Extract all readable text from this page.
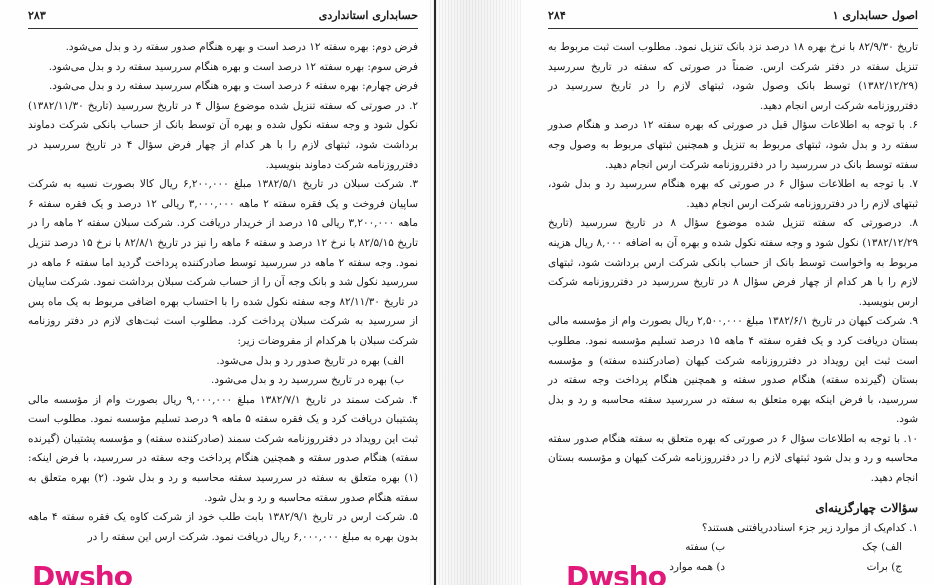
حسابداری استانداردی
۲۸۳

فرض دوم: بهره سفته ۱۲ درصد است و بهره هنگام صدور سفته رد و بدل می‌شود.

فرض سوم: بهره سفته ۱۲ درصد است و بهره هنگام سررسید سفته رد و بدل می‌شود.

فرض چهارم: بهره سفته ۶ درصد است و بهره هنگام سررسید سفته رد و بدل می‌شود.

۲. در صورتی که سفته تنزیل شده موضوع سؤال ۴ در تاریخ سررسید (تاریخ ۱۳۸۲/۱۱/۳۰) نکول شود و وجه سفته نکول شده و بهره آن توسط بانک از حساب بانکی شرکت دماوند برداشت شود، ثبتهای لازم را با هر کدام از چهار فرض سؤال ۴ در تاریخ سررسید در دفترروزنامه شرکت دماوند بنویسید.

۳. شرکت سبلان در تاریخ ۱۳۸۲/۵/۱ مبلغ ۶,۲۰۰,۰۰۰ ریال کالا بصورت نسیه به شرکت ساپیان فروخت و یک فقره سفته ۲ ماهه ۳,۰۰۰,۰۰۰ ریالی ۱۲ درصد و یک فقره سفته ۶ ماهه ۳,۲۰۰,۰۰۰ ریالی ۱۵ درصد از خریدار دریافت کرد. شرکت سبلان سفته ۲ ماهه را در تاریخ ۸۲/۵/۱۵ با نرخ ۱۲ درصد و سفته ۶ ماهه را نیز در تاریخ ۸۲/۸/۱ با نرخ ۱۵ درصد تنزیل نمود. وجه سفته ۲ ماهه در سررسید توسط صادرکننده پرداخت گردید اما سفته ۶ ماهه در سررسید نکول شد و بانک وجه آن را از حساب شرکت سبلان برداشت نمود. شرکت ساپیان در تاریخ ۸۲/۱۱/۳۰ وجه سفته نکول شده را با احتساب بهره اضافی مربوط به یک ماه پس از سررسید به شرکت سبلان پرداخت کرد. مطلوب است ثبت‌های لازم در دفتر روزنامه شرکت سبلان با هرکدام از مفروضات زیر:

الف) بهره در تاریخ صدور رد و بدل می‌شود.

ب) بهره در تاریخ سررسید رد و بدل می‌شود.

۴. شرکت سمند در تاریخ ۱۳۸۲/۷/۱ مبلغ ۹,۰۰۰,۰۰۰ ریال بصورت وام از مؤسسه مالی پشتیبان دریافت کرد و یک فقره سفته ۵ ماهه ۹ درصد تسلیم مؤسسه نمود. مطلوب است ثبت این رویداد در دفترروزنامه شرکت سمند (صادرکننده سفته) و مؤسسه پشتیبان (گیرنده سفته) هنگام صدور سفته و همچنین هنگام پرداخت وجه سفته در سررسید، با فرض اینکه: (۱) بهره متعلق به سفته در سررسید سفته محاسبه و رد و بدل شود. (۲) بهره متعلق به سفته هنگام صدور سفته محاسبه و رد و بدل شود.

۵. شرکت ارس در تاریخ ۱۳۸۲/۹/۱ بابت طلب خود از شرکت کاوه یک فقره سفته ۴ ماهه بدون بهره به مبلغ ۶,۰۰۰,۰۰۰ ریال دریافت نمود. شرکت ارس این سفته را در

Dwsho
اصول حسابداری ۱
۲۸۴

تاریخ ۸۲/۹/۳۰ با نرخ بهره ۱۸ درصد نزد بانک تنزیل نمود. مطلوب است ثبت مربوط به تنزیل سفته در دفتر شرکت ارس. ضمناً در صورتی که سفته در تاریخ سررسید (۱۳۸۲/۱۲/۲۹) توسط بانک وصول شود، ثبتهای لازم را در تاریخ سررسید در دفترروزنامه شرکت ارس انجام دهید.

۶. با توجه به اطلاعات سؤال قبل در صورتی که بهره سفته ۱۲ درصد و هنگام صدور سفته رد و بدل شود، ثبتهای مربوط به تنزیل و همچنین ثبتهای مربوط به وصول وجه سفته توسط بانک در سررسید را در دفترروزنامه شرکت ارس انجام دهید.

۷. با توجه به اطلاعات سؤال ۶ در صورتی که بهره هنگام سررسید رد و بدل شود، ثبتهای لازم را در دفترروزنامه شرکت ارس انجام دهید.

۸. درصورتی که سفته تنزیل شده موضوع سؤال ۸ در تاریخ سررسید (تاریخ ۱۳۸۲/۱۲/۲۹) نکول شود و وجه سفته نکول شده و بهره آن به اضافه ۸,۰۰۰ ریال هزینه مربوط به واخواست توسط بانک از حساب بانکی شرکت ارس برداشت شود، ثبتهای لازم را با هر کدام از چهار فرض سؤال ۸ در تاریخ سررسید در دفترروزنامه شرکت ارس بنویسید.

۹. شرکت کیهان در تاریخ ۱۳۸۲/۶/۱ مبلغ ۲,۵۰۰,۰۰۰ ریال بصورت وام از مؤسسه مالی بستان دریافت کرد و یک فقره سفته ۴ ماهه ۱۵ درصد تسلیم مؤسسه نمود. مطلوب است ثبت این رویداد در دفترروزنامه شرکت کیهان (صادرکننده سفته) و مؤسسه بستان (گیرنده سفته) هنگام صدور سفته و همچنین هنگام پرداخت وجه سفته در سررسید، با فرض اینکه بهره متعلق به سفته در سررسید سفته محاسبه و رد و بدل شود.

۱۰. با توجه به اطلاعات سؤال ۶ در صورتی که بهره متعلق به سفته هنگام صدور سفته محاسبه و رد و بدل شود ثبتهای لازم را در دفترروزنامه شرکت کیهان و مؤسسه بستان انجام دهید.

سؤالات چهارگزینه‌ای

۱. کدام‌یک از موارد زیر جزء اسناددریافتنی هستند؟

الف) چک
ب) سفته
ج) برات
د) همه موارد
Dwsho
